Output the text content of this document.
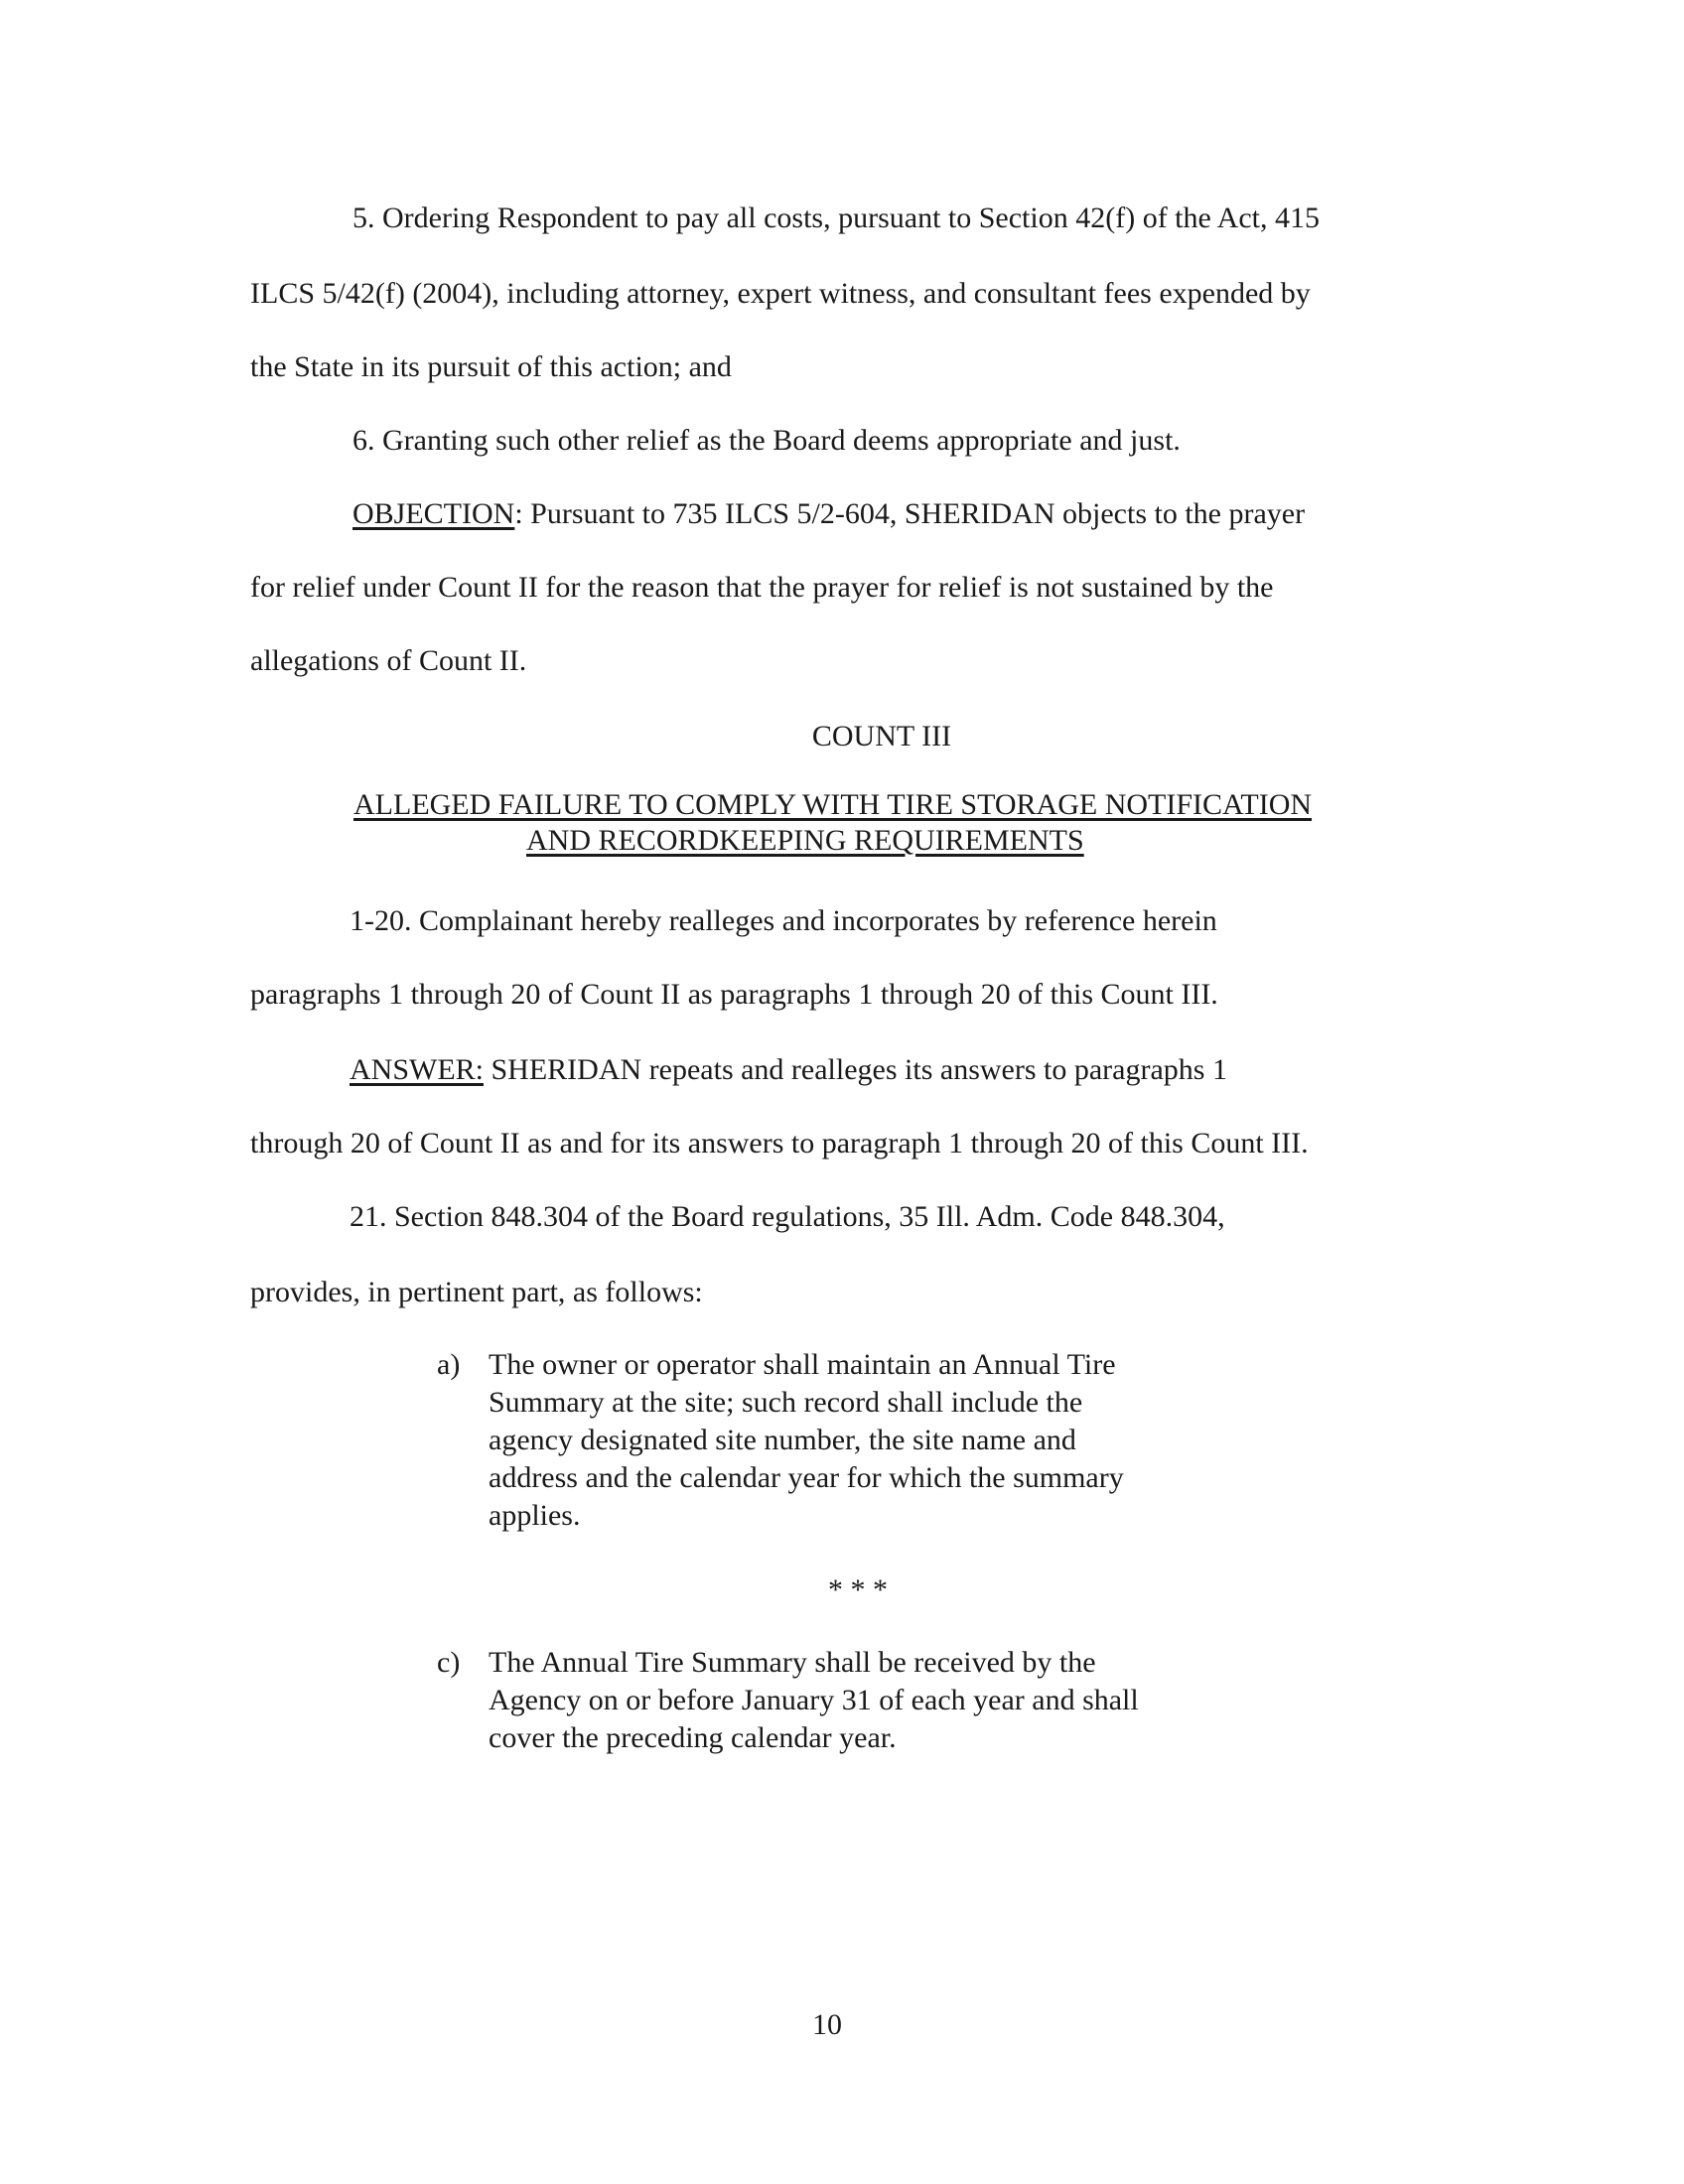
5. Ordering Respondent to pay all costs, pursuant to Section 42(f) of the Act, 415
ILCS 5/42(f) (2004), including attorney, expert witness, and consultant fees expended by
the State in its pursuit of this action; and
6. Granting such other relief as the Board deems appropriate and just.
OBJECTION: Pursuant to 735 ILCS 5/2-604, SHERIDAN objects to the prayer
for relief under Count II for the reason that the prayer for relief is not sustained by the
allegations of Count II.
COUNT III
ALLEGED FAILURE TO COMPLY WITH TIRE STORAGE NOTIFICATION
AND RECORDKEEPING REQUIREMENTS
1-20. Complainant hereby realleges and incorporates by reference herein
paragraphs 1 through 20 of Count II as paragraphs 1 through 20 of this Count III.
ANSWER: SHERIDAN repeats and realleges its answers to paragraphs 1
through 20 of Count II as and for its answers to paragraph 1 through 20 of this Count III.
21. Section 848.304 of the Board regulations, 35 Ill. Adm. Code 848.304,
provides, in pertinent part, as follows:
a) The owner or operator shall maintain an Annual Tire
Summary at the site; such record shall include the
agency designated site number, the site name and
address and the calendar year for which the summary
applies.
* * *
c) The Annual Tire Summary shall be received by the
Agency on or before January 31 of each year and shall
cover the preceding calendar year.
10
